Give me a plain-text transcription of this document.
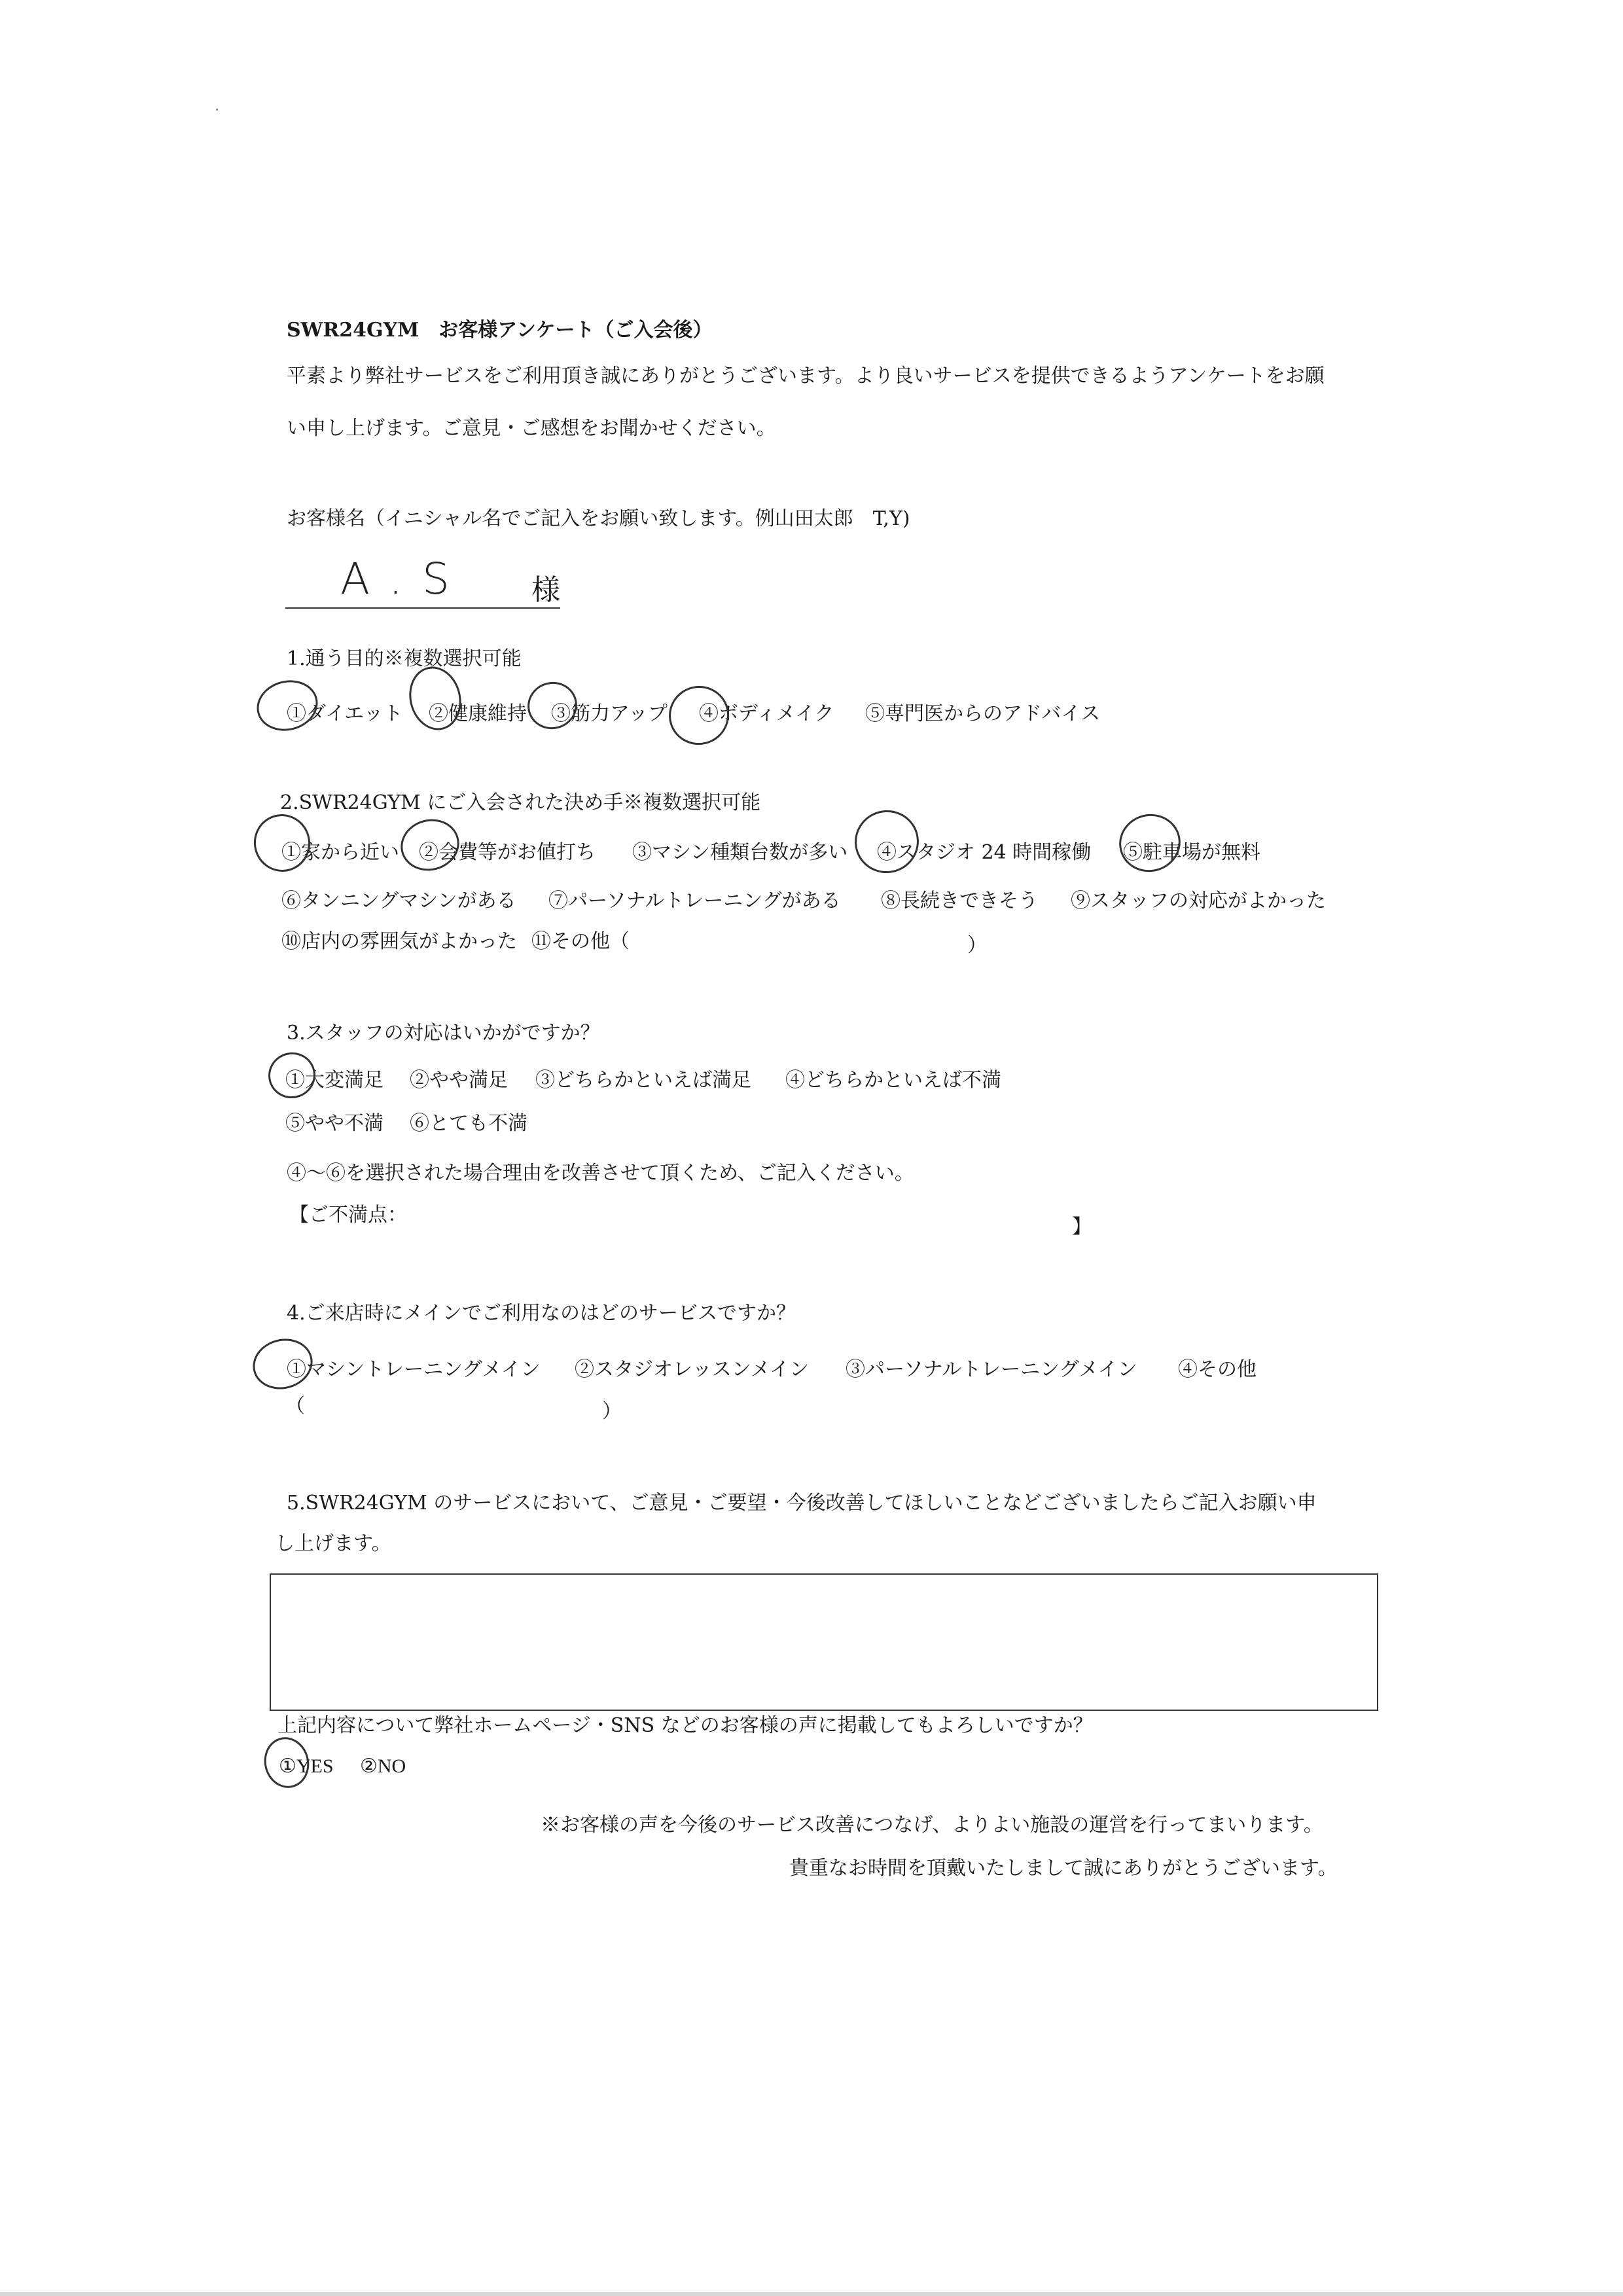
SWR24GYM　お客様アンケート（ご入会後）
平素より弊社サービスをご利用頂き誠にありがとうございます。より良いサービスを提供できるようアンケートをお願
い申し上げます。ご意見・ご感想をお聞かせください。
お客様名（イニシャル名でご記入をお願い致します。例山田太郎　T,Y)
A.S 様
1.通う目的※複数選択可能
①ダイエット ②健康維持 ③筋力アップ ④ボディメイク ⑤専門医からのアドバイス
2.SWR24GYM にご入会された決め手※複数選択可能
①家から近い ②会費等がお値打ち ③マシン種類台数が多い ④スタジオ 24 時間稼働 ⑤駐車場が無料
⑥タンニングマシンがある ⑦パーソナルトレーニングがある ⑧長続きできそう ⑨スタッフの対応がよかった
⑩店内の雰囲気がよかった ⑪その他（	）
3.スタッフの対応はいかがですか？
①大変満足 ②やや満足 ③どちらかといえば満足 ④どちらかといえば不満
⑤やや不満 ⑥とても不満
④～⑥を選択された場合理由を改善させて頂くため、ご記入ください。
【ご不満点：
】
4.ご来店時にメインでご利用なのはどのサービスですか？
①マシントレーニングメイン ②スタジオレッスンメイン ③パーソナルトレーニングメイン ④その他
（	）
5.SWR24GYM のサービスにおいて、ご意見・ご要望・今後改善してほしいことなどございましたらご記入お願い申
し上げます。
上記内容について弊社ホームページ・SNS などのお客様の声に掲載してもよろしいですか？
①YES ②NO
※お客様の声を今後のサービス改善につなげ、よりよい施設の運営を行ってまいります。
貴重なお時間を頂戴いたしまして誠にありがとうございます。
